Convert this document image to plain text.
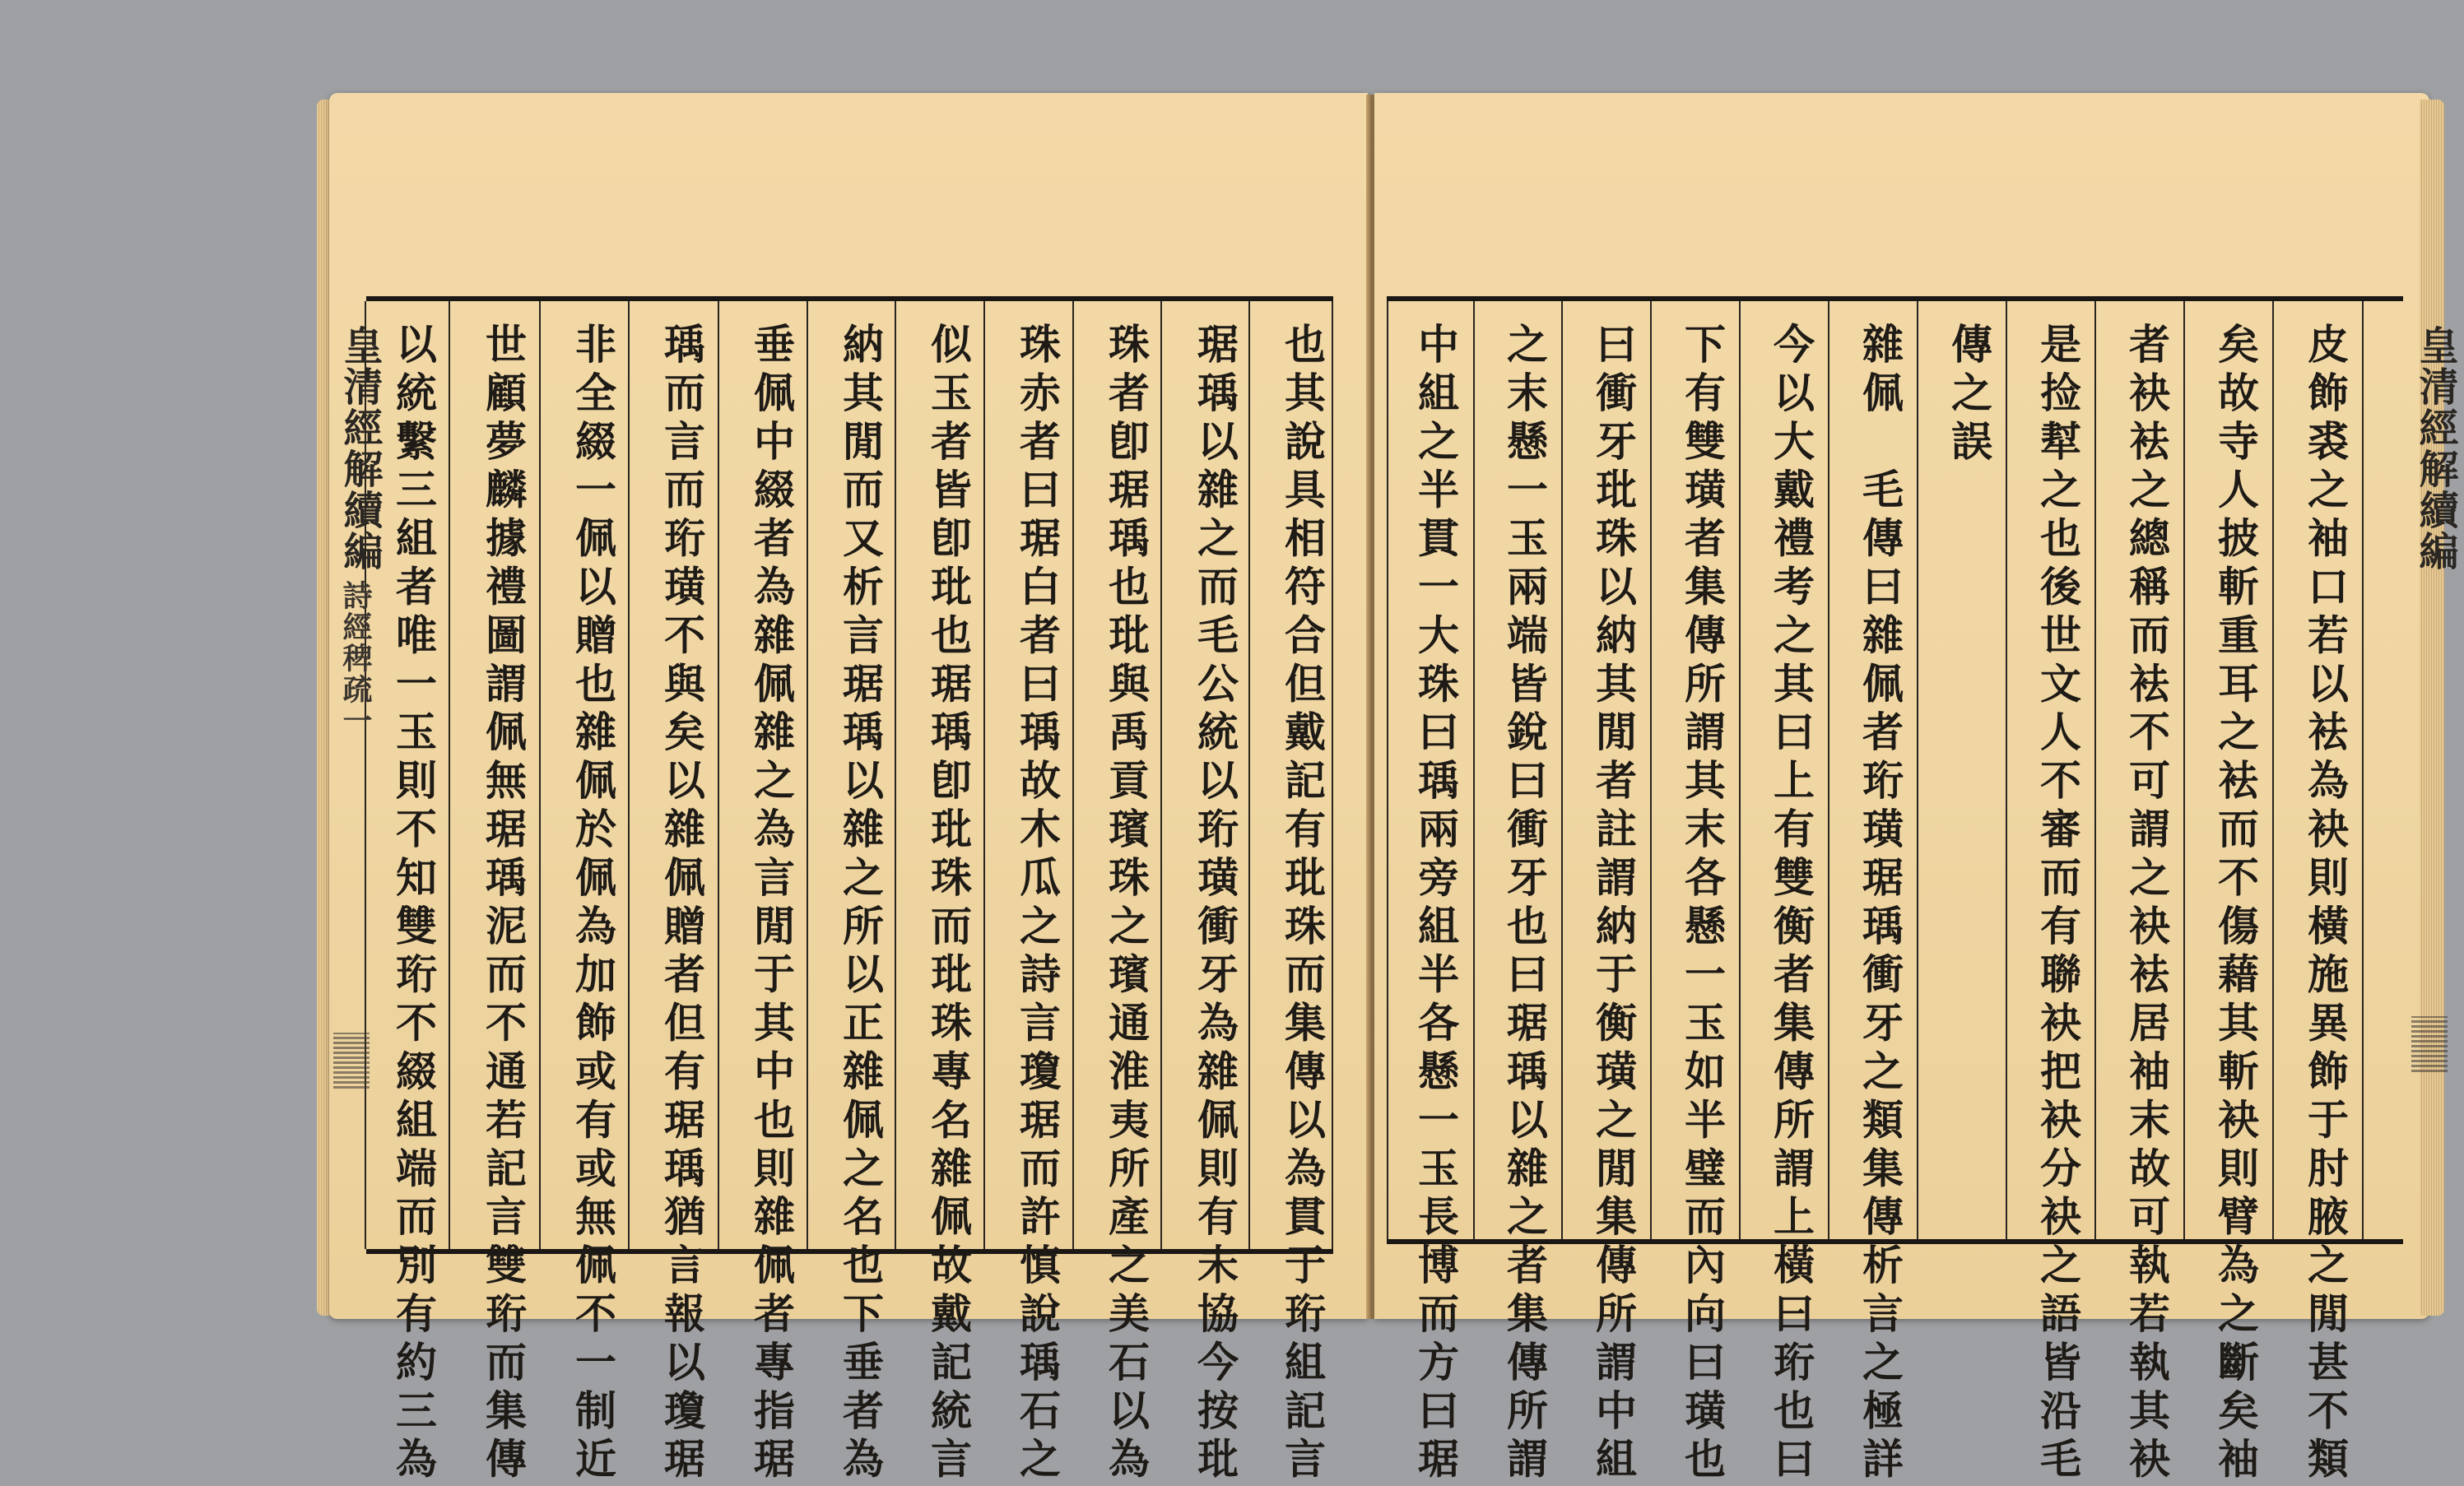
也其說具相符合但戴記有玭珠而集傳以為貫于珩組記言
琚瑀以雜之而毛公統以珩璜衝牙為雜佩則有未協今按玭
珠者卽琚瑀也玭與禹貢璸珠之璸通淮夷所產之美石以為
珠赤者曰琚白者曰瑀故木瓜之詩言瓊琚而許慎說瑀石之
似玉者皆卽玭也琚瑀卽玭珠而玭珠專名雜佩故戴記統言
納其閒而又析言琚瑀以雜之所以正雜佩之名也下垂者為
垂佩中綴者為雜佩雜之為言閒于其中也則雜佩者專指琚
瑀而言而珩璜不與矣以雜佩贈者但有琚瑀猶言報以瓊琚
非全綴一佩以贈也雜佩於佩為加飾或有或無佩不一制近
世顧夢麟據禮圖謂佩無琚瑀泥而不通若記言雙珩而集傳
以統繫三組者唯一玉則不知雙珩不綴組端而別有約三為
皇清經解續編
詩經稗疏一	皮飾裘之袖口若以袪為袂則橫施異飾于肘腋之閒甚不類
矣故寺人披斬重耳之袪而不傷藉其斬袂則臂為之斷矣袖
者袂袪之總稱而袪不可謂之袂袪居袖末故可執若執其袂
是捡犎之也後世文人不審而有聯袂把袂分袂之語皆沿毛
傳之誤
雜佩　毛傳曰雜佩者珩璜琚瑀衝牙之類集傳析言之極詳
今以大戴禮考之其曰上有雙衡者集傳所謂上橫曰珩也曰
下有雙璜者集傳所謂其末各懸一玉如半璧而內向曰璜也
曰衝牙玭珠以納其閒者註謂納于衡璜之閒集傳所謂中組
之末懸一玉兩端皆銳曰衝牙也曰琚瑀以雜之者集傳所謂
中組之半貫一大珠曰瑀兩旁組半各懸一玉長博而方曰琚	皇清經解續編
